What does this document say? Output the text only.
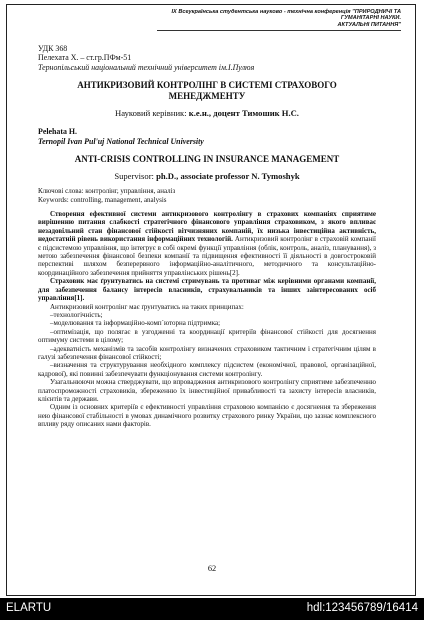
IХ Всеукраїнська студентська науково - технічна конференція "ПРИРОДНИЧІ ТА ГУМАНІТАРНІ НАУКИ.
АКТУАЛЬНІ ПИТАННЯ"
УДК 368
Пелехата Х. – ст.гр.ПФм-51
Тернопільський національний технічний університет ім.І.Пулюя
АНТИКРИЗОВИЙ КОНТРОЛІНГ В СИСТЕМІ СТРАХОВОГО
МЕНЕДЖМЕНТУ
Науковий керівник: к.е.н., доцент Тимошик Н.С.
Pelehata H.
Ternopil Ivan Pul'uj National Technical University
ANTI-CRISIS CONTROLLING IN INSURANCE MANAGEMENT
Supervisor: ph.D., associate professor N. Tymoshyk
Ключові слова: контролінг, управління, аналіз
Keywords: controlling, management, analysis
Створення ефективної системи антикризового контролінгу в страхових компаніях сприятиме вирішенню питання слабкості стратегічного фінансового управління страховиком, з якого впливає незадовільний стан фінансової стійкості вітчизняних компаній, їх низька інвестиційна активність, недостатній рівень використання інформаційних технологій. Антикризовий контролінг в страховій компанії є підсистемою управління, що інтегрує в собі окремі функції управління (облік, контроль, аналіз, планування), з метою забезпечення фінансової безпеки компанії та підвищення ефективності її діяльності в довгостроковій перспективі шляхом безперервного інформаційно-аналітичного, методичного та консультаційно-координаційного забезпечення прийняття управлінських рішень[2].
Страховик має ґрунтуватись на системі стримувань та противаг між керівними органами компанії, для забезпечення балансу інтересів власників, страхувальників та інших заінтересованих осіб управління[1].
Антикризовий контролінг має ґрунтуватись на таких принципах:
–технологічність;
–моделювання та інформаційно-комп`юторна підтримка;
–оптимізація, що полягає в узгодженні та координації критеріїв фінансової стійкості для досягнення оптимуму системи в цілому;
–адекватність механізмів та засобів контролінгу визначених страховиком тактичним і стратегічним цілям в галузі забезпечення фінансової стійкості;
–визначення та структурування необхідного комплексу підсистем (економічної, правової, організаційної, кадрової), які повинні забезпечувати функціонування системи контролінгу.
Узагальнюючи можна стверджувати, що впровадження антикризового контролінгу сприятиме забезпеченню платоспроможності страховиків, збереженню їх інвестиційної привабливості та захисту інтересів власників, клієнтів та держави.
Одним із основних критеріїв є ефективності управління страховою компанією є досягнення та збереження нею фінансової стабільності в умовах динамічного розвитку страхового ринку України, що зазнає комплексного впливу ряду описаних нами факторів.
62
ELARTU	hdl:123456789/16414
